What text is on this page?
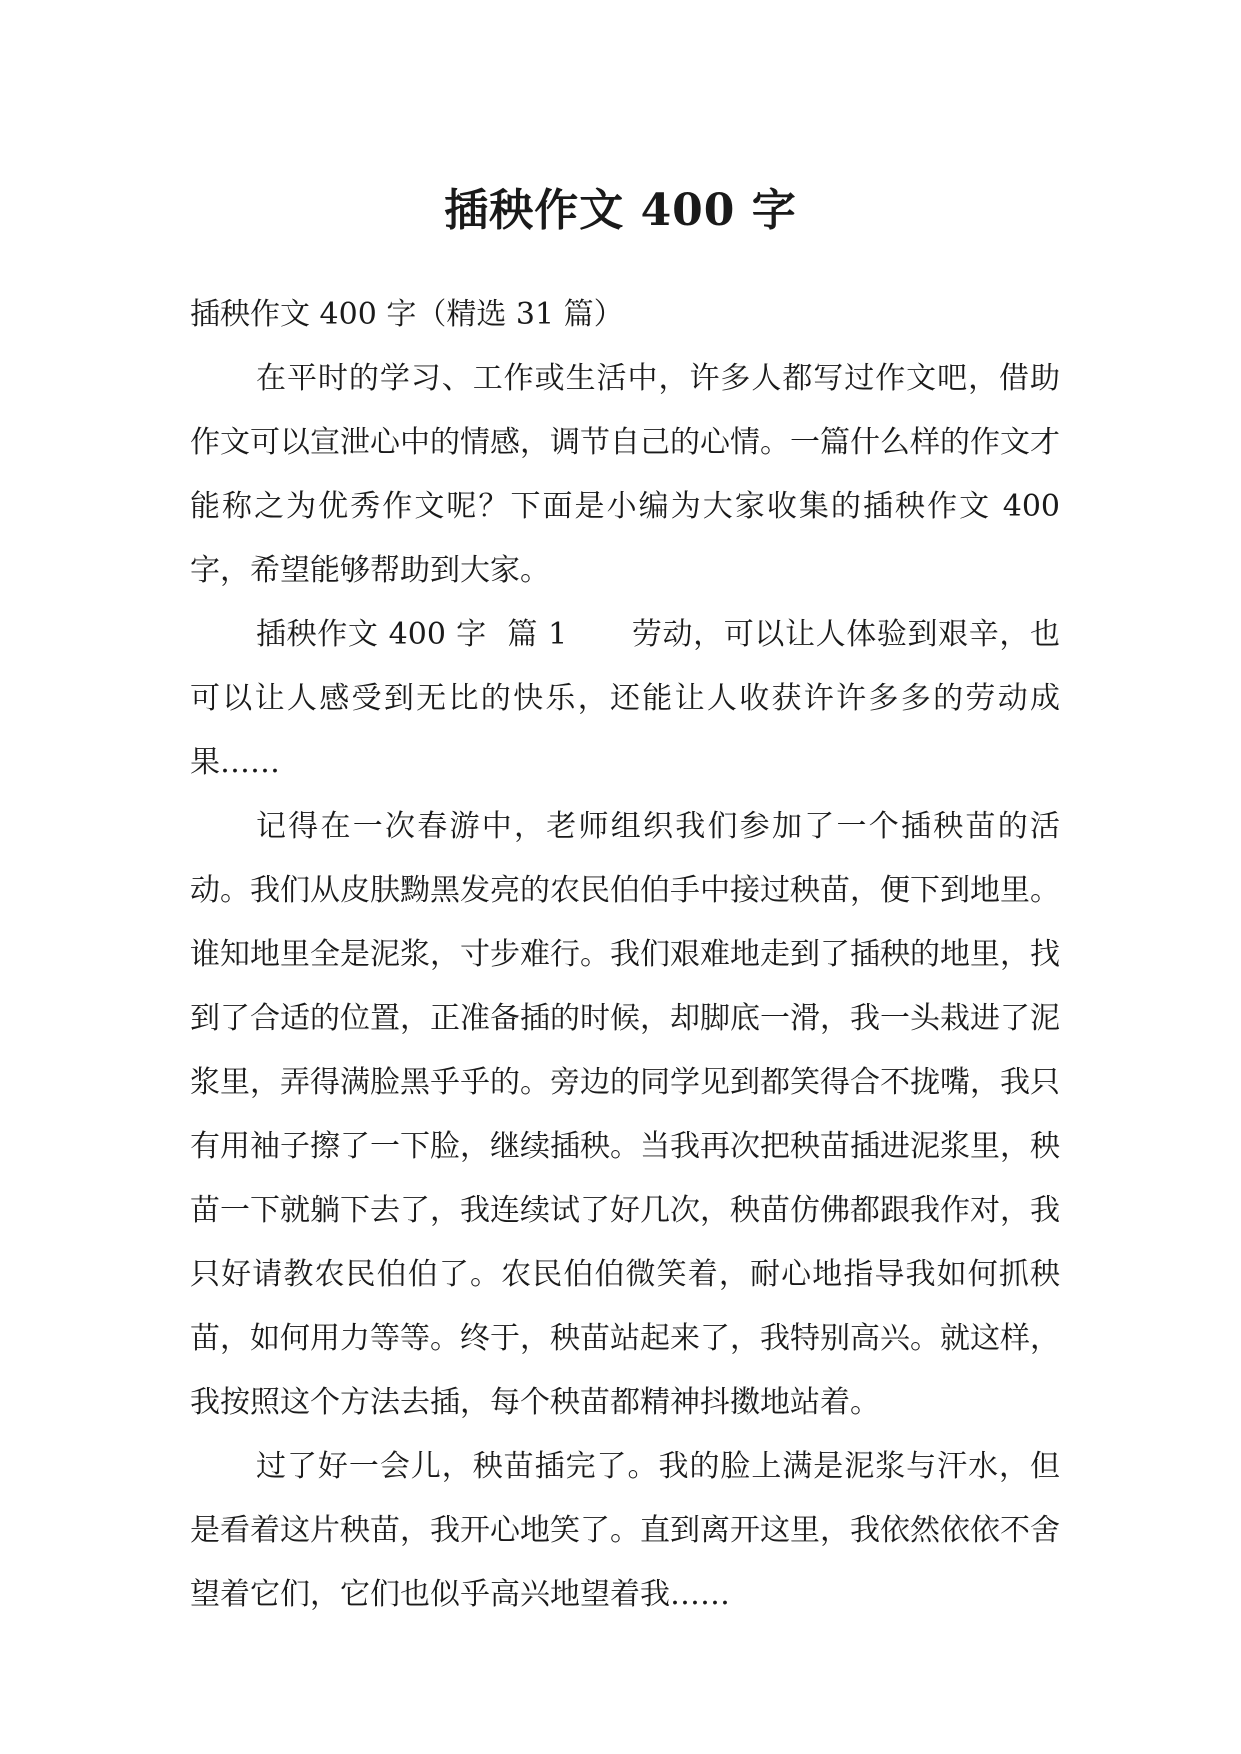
插秧作文 400 字

插秧作文 400 字（精选 31 篇）

在平时的学习、工作或生活中，许多人都写过作文吧，借助作文可以宣泄心中的情感，调节自己的心情。一篇什么样的作文才能称之为优秀作文呢？下面是小编为大家收集的插秧作文 400 字，希望能够帮助到大家。

插秧作文 400 字 篇 1 劳动，可以让人体验到艰辛，也可以让人感受到无比的快乐，还能让人收获许许多多的劳动成果……

记得在一次春游中，老师组织我们参加了一个插秧苗的活动。我们从皮肤黝黑发亮的农民伯伯手中接过秧苗，便下到地里。谁知地里全是泥浆，寸步难行。我们艰难地走到了插秧的地里，找到了合适的位置，正准备插的时候，却脚底一滑，我一头栽进了泥浆里，弄得满脸黑乎乎的。旁边的同学见到都笑得合不拢嘴，我只有用袖子擦了一下脸，继续插秧。当我再次把秧苗插进泥浆里，秧苗一下就躺下去了，我连续试了好几次，秧苗仿佛都跟我作对，我只好请教农民伯伯了。农民伯伯微笑着，耐心地指导我如何抓秧苗，如何用力等等。终于，秧苗站起来了，我特别高兴。就这样，我按照这个方法去插，每个秧苗都精神抖擞地站着。

过了好一会儿，秧苗插完了。我的脸上满是泥浆与汗水，但是看着这片秧苗，我开心地笑了。直到离开这里，我依然依依不舍望着它们，它们也似乎高兴地望着我……
